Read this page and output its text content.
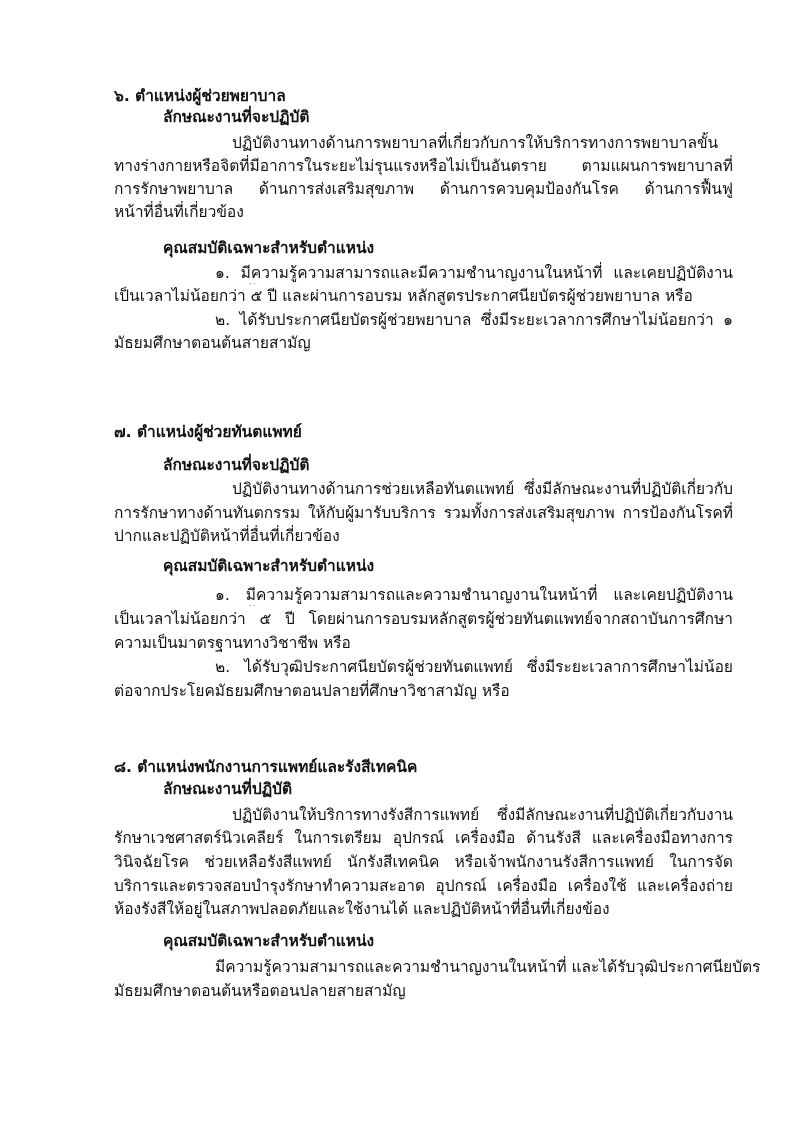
๖. ตำแหน่งผู้ช่วยพยาบาล
ลักษณะงานที่จะปฏิบัติ
ปฏิบัติงานทางด้านการพยาบาลที่เกี่ยวกับการให้บริการทางการพยาบาลขั้น
ทางร่างกายหรือจิตที่มีอาการในระยะไม่รุนแรงหรือไม่เป็นอันตราย ตามแผนการพยาบาลที่
การรักษาพยาบาล ด้านการส่งเสริมสุขภาพ ด้านการควบคุมป้องกันโรค ด้านการฟื้นฟู
หน้าที่อื่นที่เกี่ยวข้อง
คุณสมบัติเฉพาะสำหรับตำแหน่ง
๑. มีความรู้ความสามารถและมีความชำนาญงานในหน้าที่ และเคยปฏิบัติงาน
เป็นเวลาไม่น้อยกว่า ๕ ปี และผ่านการอบรม หลักสูตรประกาศนียบัตรผู้ช่วยพยาบาล หรือ
๒. ได้รับประกาศนียบัตรผู้ช่วยพยาบาล ซึ่งมีระยะเวลาการศึกษาไม่น้อยกว่า ๑
มัธยมศึกษาตอนต้นสายสามัญ
๗. ตำแหน่งผู้ช่วยทันตแพทย์
ลักษณะงานที่จะปฏิบัติ
ปฏิบัติงานทางด้านการช่วยเหลือทันตแพทย์ ซึ่งมีลักษณะงานที่ปฏิบัติเกี่ยวกับ
การรักษาทางด้านทันตกรรม ให้กับผู้มารับบริการ รวมทั้งการส่งเสริมสุขภาพ การป้องกันโรคที่
ปากและปฏิบัติหน้าที่อื่นที่เกี่ยวข้อง
คุณสมบัติเฉพาะสำหรับตำแหน่ง
๑. มีความรู้ความสามารถและความชำนาญงานในหน้าที่ และเคยปฏิบัติงาน
เป็นเวลาไม่น้อยกว่า ๕ ปี โดยผ่านการอบรมหลักสูตรผู้ช่วยทันตแพทย์จากสถาบันการศึกษา
ความเป็นมาตรฐานทางวิชาชีพ หรือ
๒. ได้รับวุฒิประกาศนียบัตรผู้ช่วยทันตแพทย์ ซึ่งมีระยะเวลาการศึกษาไม่น้อย
ต่อจากประโยคมัธยมศึกษาตอนปลายที่ศึกษาวิชาสามัญ หรือ
๘. ตำแหน่งพนักงานการแพทย์และรังสีเทคนิค
ลักษณะงานที่ปฏิบัติ
ปฏิบัติงานให้บริการทางรังสีการแพทย์ ซึ่งมีลักษณะงานที่ปฏิบัติเกี่ยวกับงาน
รักษาเวชศาสตร์นิวเคลียร์ ในการเตรียม อุปกรณ์ เครื่องมือ ด้านรังสี และเครื่องมือทางการ
วินิจฉัยโรค ช่วยเหลือรังสีแพทย์ นักรังสีเทคนิค หรือเจ้าพนักงานรังสีการแพทย์ ในการจัด
บริการและตรวจสอบบำรุงรักษาทำความสะอาด อุปกรณ์ เครื่องมือ เครื่องใช้ และเครื่องถ่าย
ห้องรังสีให้อยู่ในสภาพปลอดภัยและใช้งานได้ และปฏิบัติหน้าที่อื่นที่เกี่ยงข้อง
คุณสมบัติเฉพาะสำหรับตำแหน่ง
มีความรู้ความสามารถและความชำนาญงานในหน้าที่ และได้รับวุฒิประกาศนียบัตร
มัธยมศึกษาตอนต้นหรือตอนปลายสายสามัญ
